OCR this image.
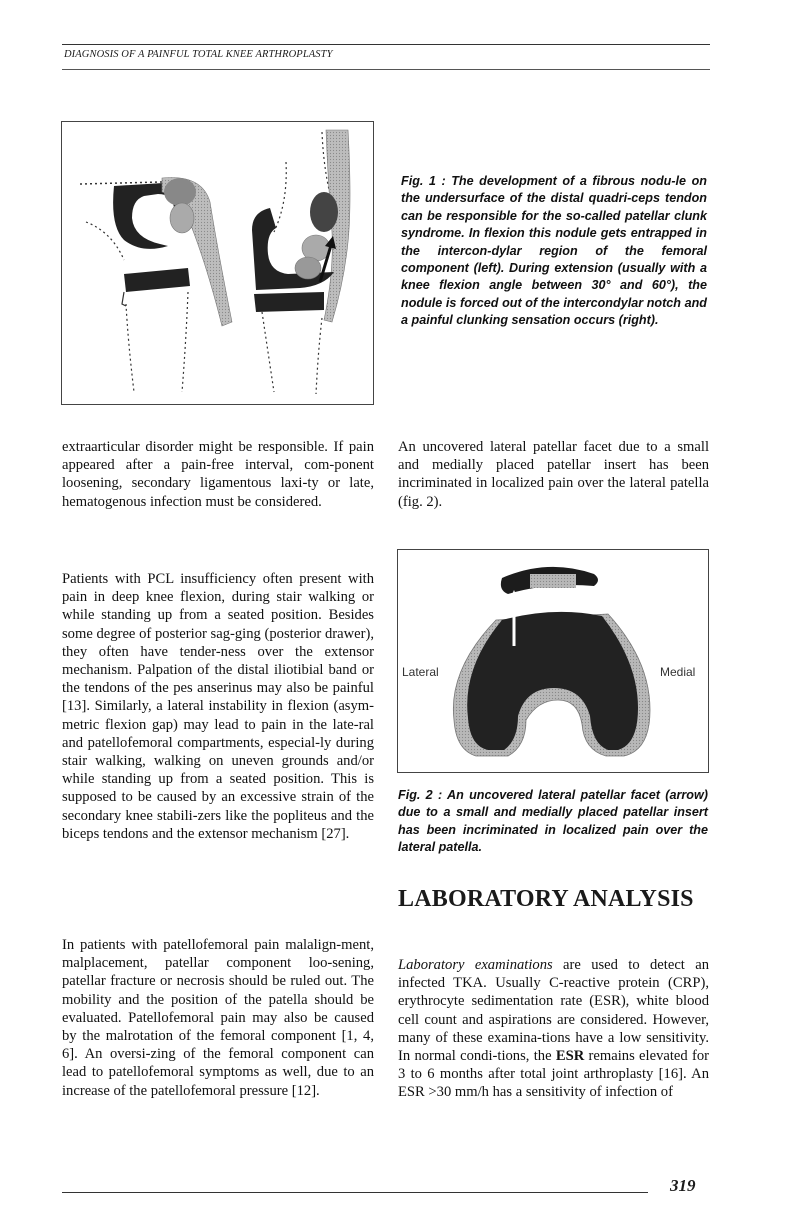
DIAGNOSIS OF A PAINFUL TOTAL KNEE ARTHROPLASTY
Fig. 1 : The development of a fibrous nodu-le on the undersurface of the distal quadri-ceps tendon can be responsible for the so-called patellar clunk syndrome. In flexion this nodule gets entrapped in the intercon-dylar region of the femoral component (left). During extension (usually with a knee flexion angle between 30° and 60°), the nodule is forced out of the intercondylar notch and a painful clunking sensation occurs (right).

extraarticular disorder might be responsible. If pain appeared after a pain-free interval, com-ponent loosening, secondary ligamentous laxi-ty or late, hematogenous infection must be considered.

Patients with PCL insufficiency often present with pain in deep knee flexion, during stair walking or while standing up from a seated position. Besides some degree of posterior sag-ging (posterior drawer), they often have tender-ness over the extensor mechanism. Palpation of the distal iliotibial band or the tendons of the pes anserinus may also be painful [13]. Similarly, a lateral instability in flexion (asym-metric flexion gap) may lead to pain in the late-ral and patellofemoral compartments, especial-ly during stair walking, walking on uneven grounds and/or while standing up from a seated position. This is supposed to be caused by an excessive strain of the secondary knee stabili-zers like the popliteus and the biceps tendons and the extensor mechanism [27].

In patients with patellofemoral pain malalign-ment, malplacement, patellar component loo-sening, patellar fracture or necrosis should be ruled out. The mobility and the position of the patella should be evaluated. Patellofemoral pain may also be caused by the malrotation of the femoral component [1, 4, 6]. An oversi-zing of the femoral component can lead to patellofemoral symptoms as well, due to an increase of the patellofemoral pressure [12].

An uncovered lateral patellar facet due to a small and medially placed patellar insert has been incriminated in localized pain over the lateral patella (fig. 2).

Lateral	Medial
Fig. 2 : An uncovered lateral patellar facet (arrow) due to a small and medially placed patellar insert has been incriminated in localized pain over the lateral patella.
LABORATORY ANALYSIS

Laboratory examinations are used to detect an infected TKA. Usually C-reactive protein (CRP), erythrocyte sedimentation rate (ESR), white blood cell count and aspirations are considered. However, many of these examina-tions have a low sensitivity. In normal condi-tions, the ESR remains elevated for 3 to 6 months after total joint arthroplasty [16]. An ESR >30 mm/h has a sensitivity of infection of

319
